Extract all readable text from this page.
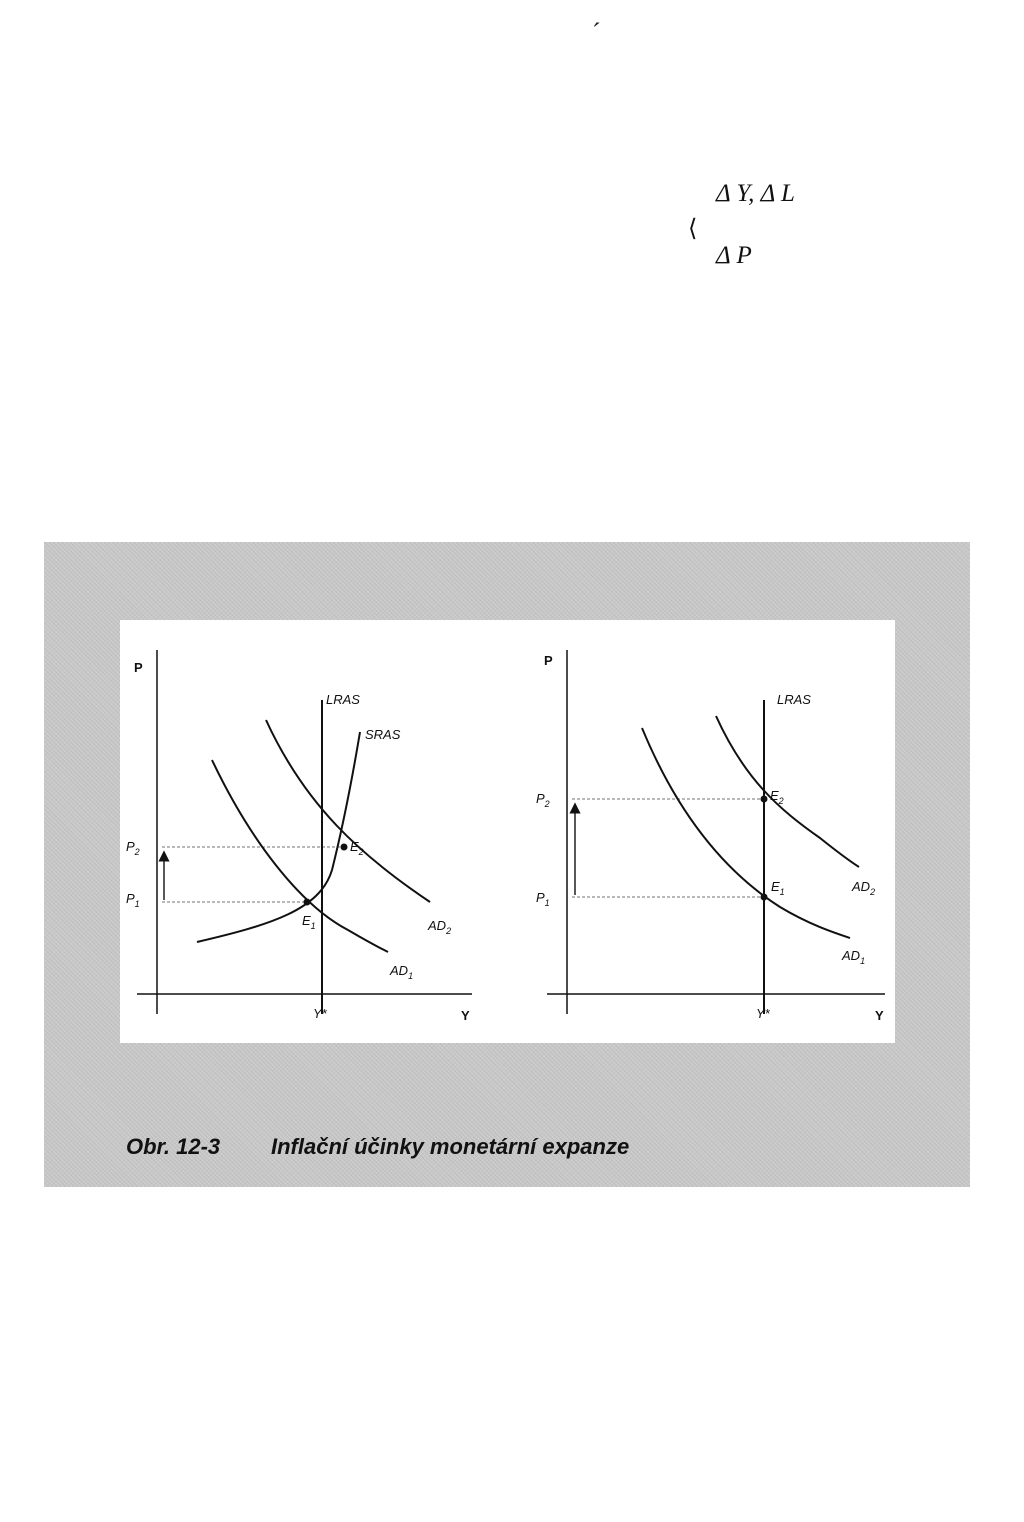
´
Δ Y, Δ L
⟨
Δ P
P
Y
LRAS
SRAS
Y*
$P_2$
$P_1$
$E_1$
$E_2$
$AD_2$
$AD_1$
P
Y
LRAS
Y*
$P_2$
$P_1$
$E_2$
$E_1$	$AD_2$
$AD_1$
Obr. 12-3 Inflační účinky monetární expanze
